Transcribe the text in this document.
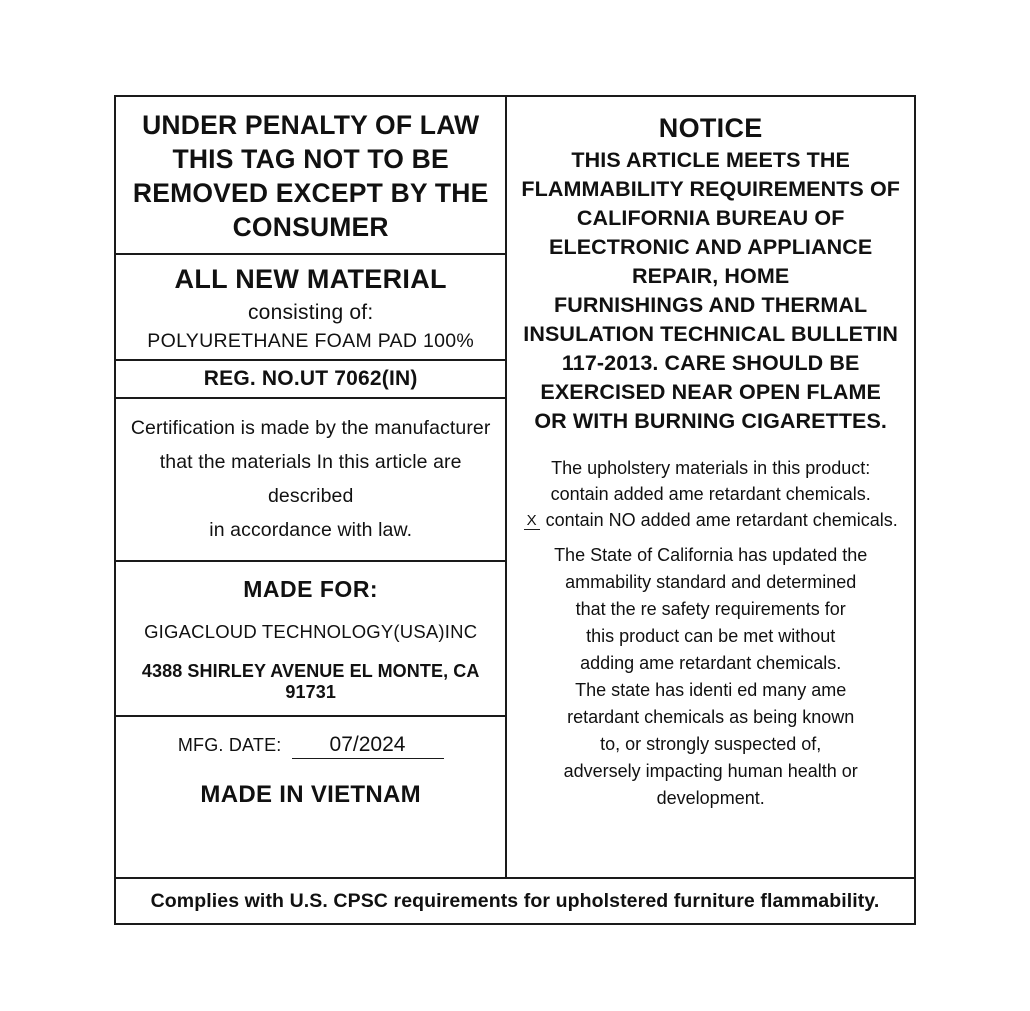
UNDER PENALTY OF LAW
THIS TAG NOT TO BE
REMOVED EXCEPT BY THE
CONSUMER
ALL NEW MATERIAL
consisting of:
POLYURETHANE FOAM PAD 100%
REG. NO.UT 7062(IN)
Certification is made by the manufacturer
that the materials In this article are described
in accordance with law.
MADE FOR:
GIGACLOUD TECHNOLOGY(USA)INC
4388 SHIRLEY AVENUE EL MONTE, CA 91731
MFG. DATE:	07/2024
MADE IN VIETNAM
NOTICE
THIS ARTICLE MEETS THE
FLAMMABILITY REQUIREMENTS OF
CALIFORNIA BUREAU OF
ELECTRONIC AND APPLIANCE
REPAIR, HOME
FURNISHINGS AND THERMAL
INSULATION TECHNICAL BULLETIN
117-2013. CARE SHOULD BE
EXERCISED NEAR OPEN FLAME
OR WITH BURNING CIGARETTES.
The upholstery materials in this product:
contain added ame retardant chemicals.
X contain NO added ame retardant chemicals.
The State of California has updated the
ammability standard and determined
that the re safety requirements for
this product can be met without
adding ame retardant chemicals.
The state has identi ed many ame
retardant chemicals as being known
to, or strongly suspected of,
adversely impacting human health or
development.
Complies with U.S. CPSC requirements for upholstered furniture flammability.
